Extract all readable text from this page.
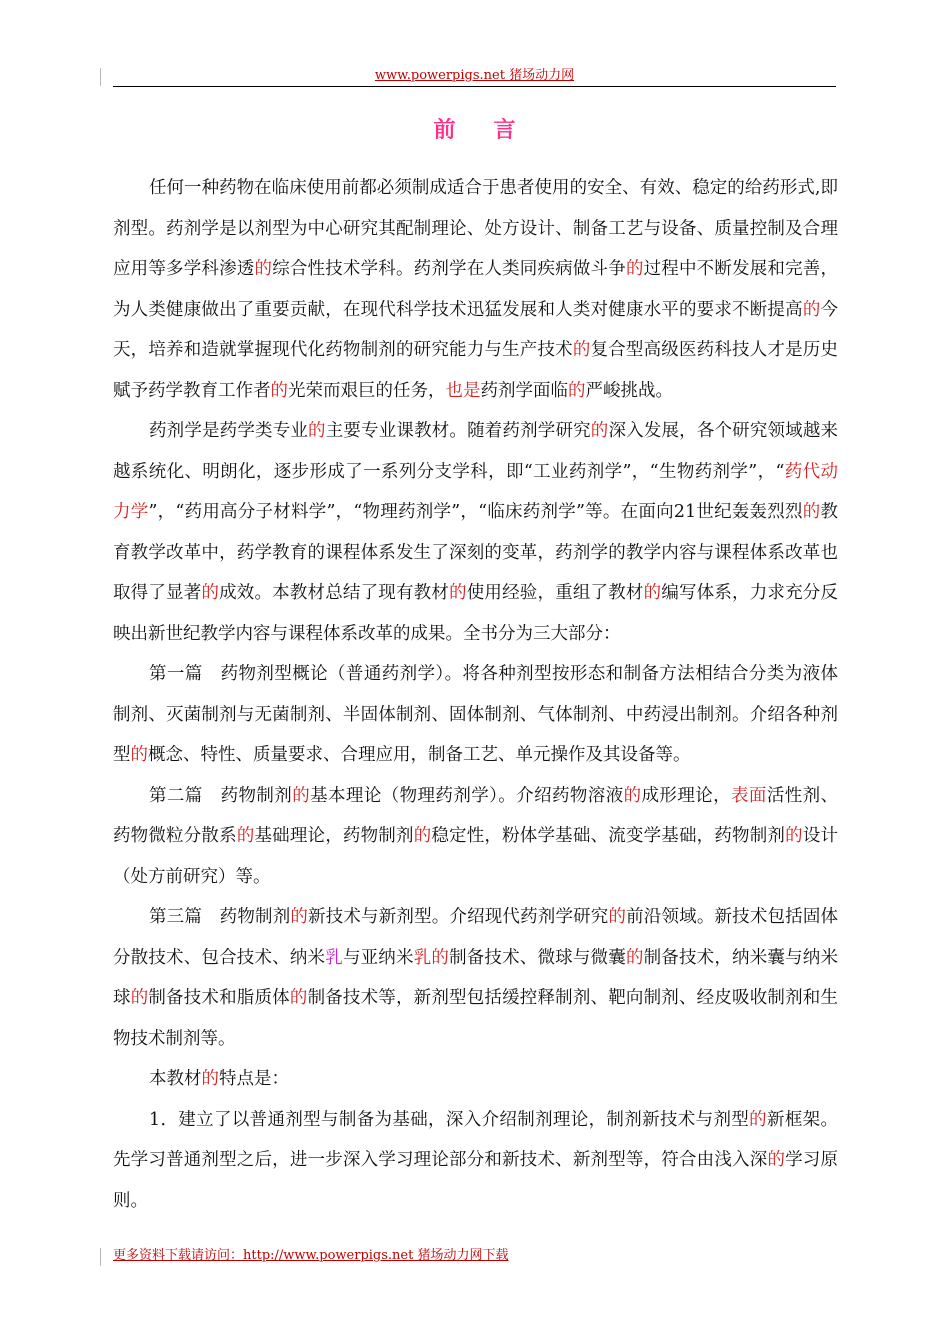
www.powerpigs.net 猪场动力网
前言

任何一种药物在临床使用前都必须制成适合于患者使用的安全、有效、稳定的给药形式,即剂型。药剂学是以剂型为中心研究其配制理论、处方设计、制备工艺与设备、质量控制及合理应用等多学科渗透的综合性技术学科。药剂学在人类同疾病做斗争的过程中不断发展和完善，为人类健康做出了重要贡献，在现代科学技术迅猛发展和人类对健康水平的要求不断提高的今天，培养和造就掌握现代化药物制剂的研究能力与生产技术的复合型高级医药科技人才是历史赋予药学教育工作者的光荣而艰巨的任务，也是药剂学面临的严峻挑战。

药剂学是药学类专业的主要专业课教材。随着药剂学研究的深入发展，各个研究领域越来越系统化、明朗化，逐步形成了一系列分支学科，即“工业药剂学”，“生物药剂学”，“药代动力学”，“药用高分子材料学”，“物理药剂学”，“临床药剂学”等。在面向21世纪轰轰烈烈的教育教学改革中，药学教育的课程体系发生了深刻的变革，药剂学的教学内容与课程体系改革也取得了显著的成效。本教材总结了现有教材的使用经验，重组了教材的编写体系，力求充分反映出新世纪教学内容与课程体系改革的成果。全书分为三大部分：

第一篇　药物剂型概论（普通药剂学）。将各种剂型按形态和制备方法相结合分类为液体制剂、灭菌制剂与无菌制剂、半固体制剂、固体制剂、气体制剂、中药浸出制剂。介绍各种剂型的概念、特性、质量要求、合理应用，制备工艺、单元操作及其设备等。

第二篇　药物制剂的基本理论（物理药剂学）。介绍药物溶液的成形理论，表面活性剂、药物微粒分散系的基础理论，药物制剂的稳定性，粉体学基础、流变学基础，药物制剂的设计（处方前研究）等。

第三篇　药物制剂的新技术与新剂型。介绍现代药剂学研究的前沿领域。新技术包括固体分散技术、包合技术、纳米乳与亚纳米乳的制备技术、微球与微囊的制备技术，纳米囊与纳米球的制备技术和脂质体的制备技术等，新剂型包括缓控释制剂、靶向制剂、经皮吸收制剂和生物技术制剂等。

本教材的特点是：

1．建立了以普通剂型与制备为基础，深入介绍制剂理论，制剂新技术与剂型的新框架。先学习普通剂型之后，进一步深入学习理论部分和新技术、新剂型等，符合由浅入深的学习原则。

更多资料下载请访问：http://www.powerpigs.net 猪场动力网下载
